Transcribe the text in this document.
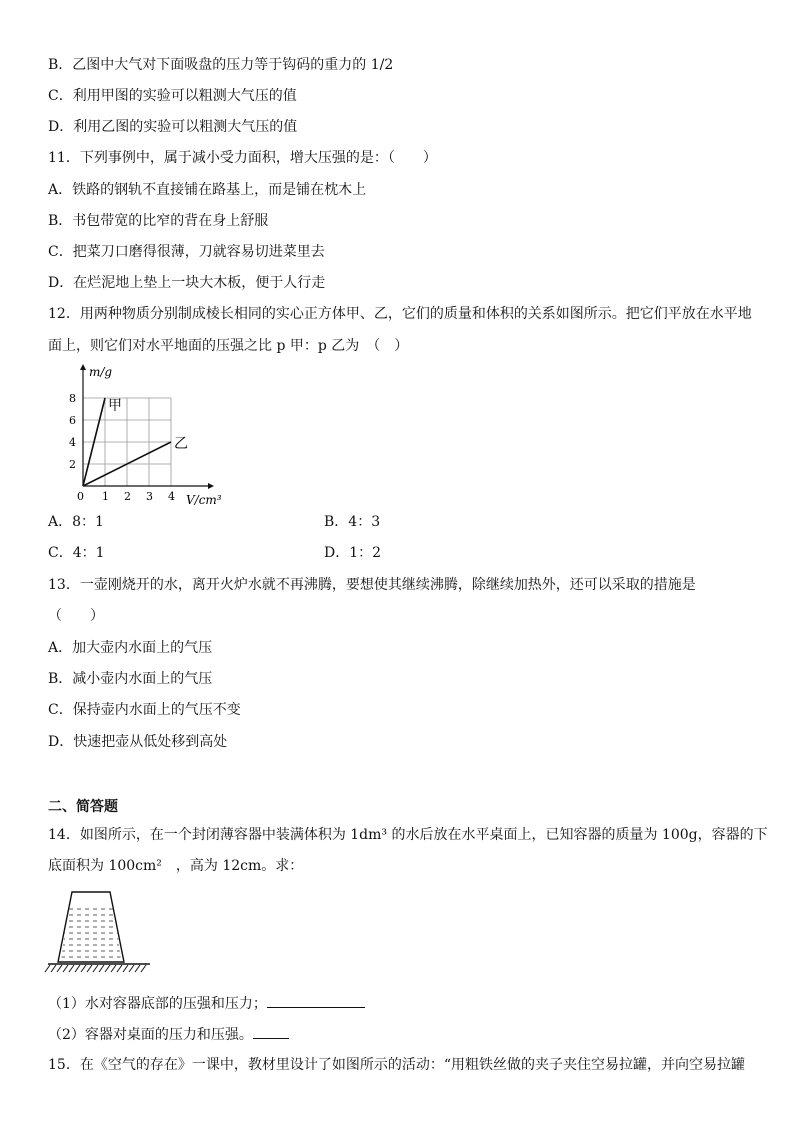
B．乙图中大气对下面吸盘的压力等于钩码的重力的 1/2
C．利用甲图的实验可以粗测大气压的值
D．利用乙图的实验可以粗测大气压的值
11．下列事例中，属于减小受力面积，增大压强的是：（　　）
A．铁路的钢轨不直接铺在路基上，而是铺在枕木上
B．书包带宽的比窄的背在身上舒服
C．把菜刀口磨得很薄，刀就容易切进菜里去
D．在烂泥地上垫上一块大木板，便于人行走
12．用两种物质分别制成棱长相同的实心正方体甲、乙，它们的质量和体积的关系如图所示。把它们平放在水平地
面上，则它们对水平地面的压强之比 p 甲：p 乙为　（　）
甲
乙
0 1 2 3 4
2
4
6
8
m/g
V/cm³
A．8：1	B．4：3
C．4：1	D．1：2
13．一壶刚烧开的水，离开火炉水就不再沸腾，要想使其继续沸腾，除继续加热外，还可以采取的措施是
（　　）
A．加大壶内水面上的气压
B．减小壶内水面上的气压
C．保持壶内水面上的气压不变
D．快速把壶从低处移到高处
二、简答题
14．如图所示，在一个封闭薄容器中装满体积为 1dm³ 的水后放在水平桌面上，已知容器的质量为 100g，容器的下
底面积为 100cm²　，高为 12cm。求：
（1）水对容器底部的压强和压力；
（2）容器对桌面的压力和压强。
15．在《空气的存在》一课中，教材里设计了如图所示的活动：“用粗铁丝做的夹子夹住空易拉罐，并向空易拉罐
